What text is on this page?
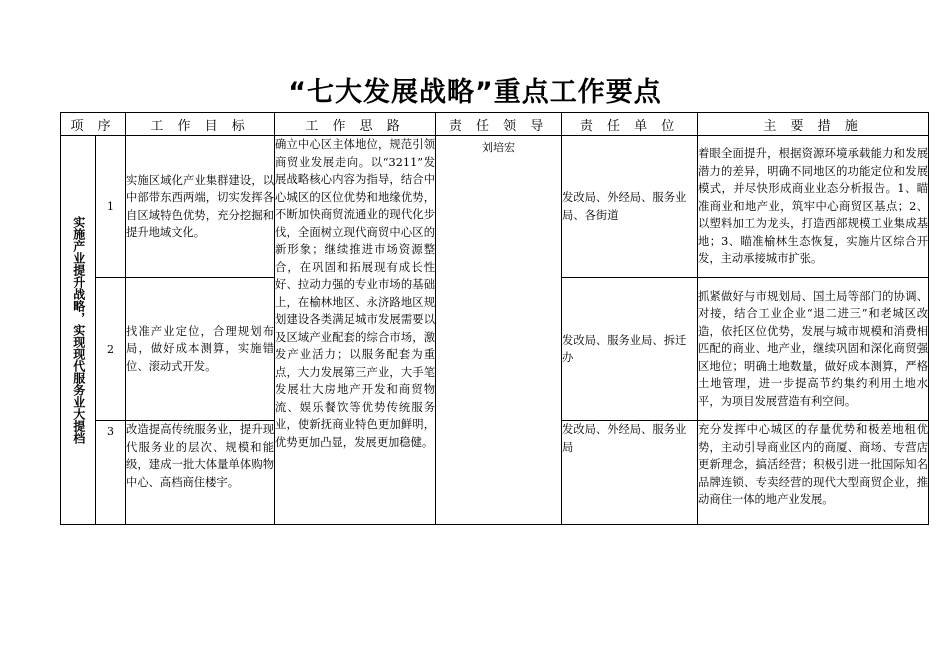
“七大发展战略”重点工作要点
项 序		工 作 目 标	工 作 思 路	责 任 领 导	责 任 单 位	主 要 措 施

实施产业提升战略，实现现代服务业大提档	1	实施区域化产业集群建设，以中部带东西两端，切实发挥各自区域特色优势，充分挖掘和提升地域文化。	确立中心区主体地位，规范引领商贸业发展走向。以“3211”发展战略核心内容为指导，结合中心城区的区位优势和地缘优势，不断加快商贸流通业的现代化步伐，全面树立现代商贸中心区的新形象；继续推进市场资源整合，在巩固和拓展现有成长性好、拉动力强的专业市场的基础上，在榆林地区、永济路地区规划建设各类满足城市发展需要以及区域产业配套的综合市场，激发产业活力；以服务配套为重点，大力发展第三产业，大手笔发展壮大房地产开发和商贸物流、娱乐餐饮等优势传统服务业，使新抚商业特色更加鲜明，优势更加凸显，发展更加稳健。	刘培宏	发改局、外经局、服务业局、各街道	着眼全面提升，根据资源环境承载能力和发展潜力的差异，明确不同地区的功能定位和发展模式，并尽快形成商业业态分析报告。1、瞄准商业和地产业，筑牢中心商贸区基点；2、以塑料加工为龙头，打造西部规模工业集成基地；3、瞄准榆林生态恢复，实施片区综合开发，主动承接城市扩张。
	2	找准产业定位，合理规划布局，做好成本测算，实施错位、滚动式开发。			发改局、服务业局、拆迁办	抓紧做好与市规划局、国土局等部门的协调、对接，结合工业企业“退二进三”和老城区改造，依托区位优势，发展与城市规模和消费相匹配的商业、地产业，继续巩固和深化商贸强区地位；明确土地数量，做好成本测算，严格土地管理，进一步提高节约集约利用土地水平，为项目发展营造有利空间。
	3	改造提高传统服务业，提升现代服务业的层次、规模和能级，建成一批大体量单体购物中心、高档商住楼宇。			发改局、外经局、服务业局	充分发挥中心城区的存量优势和极差地租优势，主动引导商业区内的商厦、商场、专营店更新理念，搞活经营；积极引进一批国际知名品牌连锁、专卖经营的现代大型商贸企业，推动商住一体的地产业发展。
